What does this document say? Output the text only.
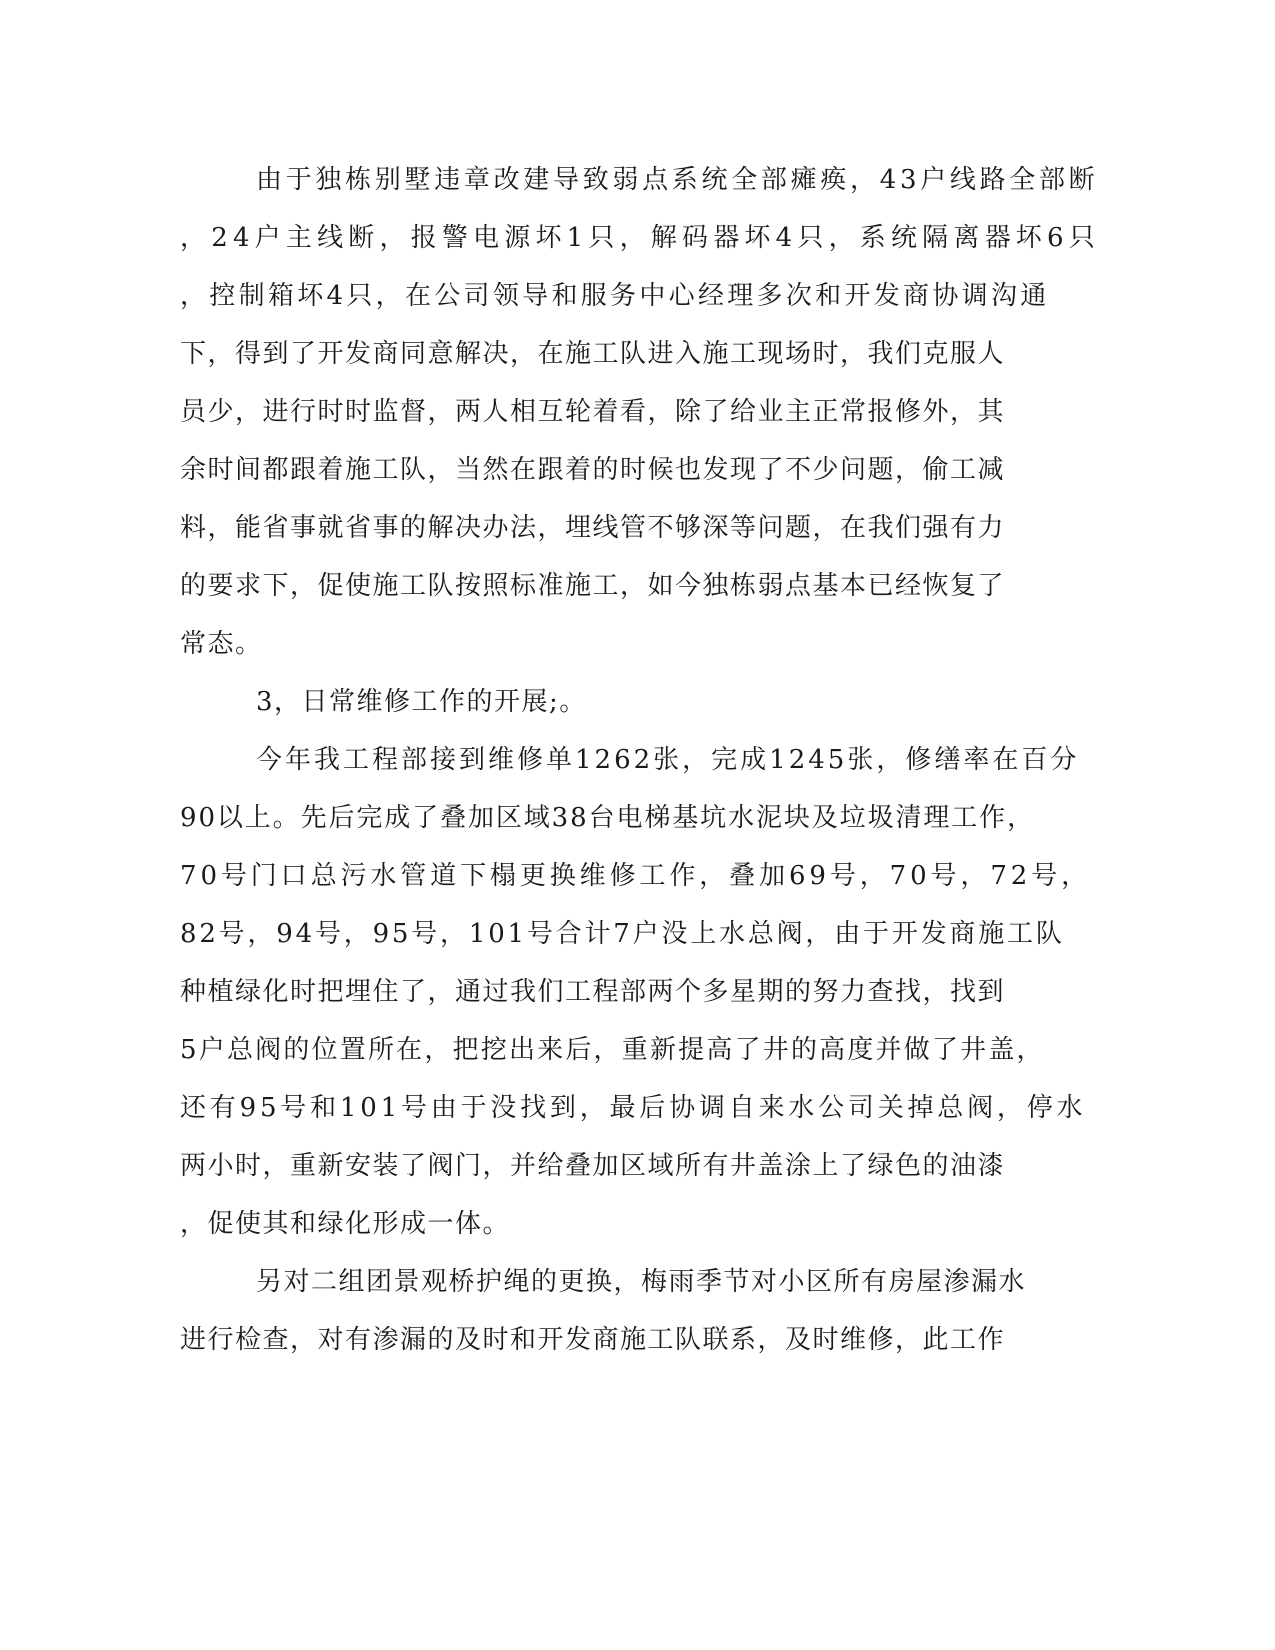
由于独栋别墅违章改建导致弱点系统全部瘫痪，43户线路全部断
，24户主线断，报警电源坏1只，解码器坏4只，系统隔离器坏6只
，控制箱坏4只，在公司领导和服务中心经理多次和开发商协调沟通
下，得到了开发商同意解决，在施工队进入施工现场时，我们克服人
员少，进行时时监督，两人相互轮着看，除了给业主正常报修外，其
余时间都跟着施工队，当然在跟着的时候也发现了不少问题，偷工减
料，能省事就省事的解决办法，埋线管不够深等问题，在我们强有力
的要求下，促使施工队按照标准施工，如今独栋弱点基本已经恢复了
常态。
3，日常维修工作的开展;。
今年我工程部接到维修单1262张，完成1245张，修缮率在百分
90以上。先后完成了叠加区域38台电梯基坑水泥块及垃圾清理工作，
70号门口总污水管道下榻更换维修工作，叠加69号，70号，72号，
82号，94号，95号，101号合计7户没上水总阀，由于开发商施工队
种植绿化时把埋住了，通过我们工程部两个多星期的努力查找，找到
5户总阀的位置所在，把挖出来后，重新提高了井的高度并做了井盖，
还有95号和101号由于没找到，最后协调自来水公司关掉总阀，停水
两小时，重新安装了阀门，并给叠加区域所有井盖涂上了绿色的油漆
，促使其和绿化形成一体。
另对二组团景观桥护绳的更换，梅雨季节对小区所有房屋渗漏水
进行检查，对有渗漏的及时和开发商施工队联系，及时维修，此工作
